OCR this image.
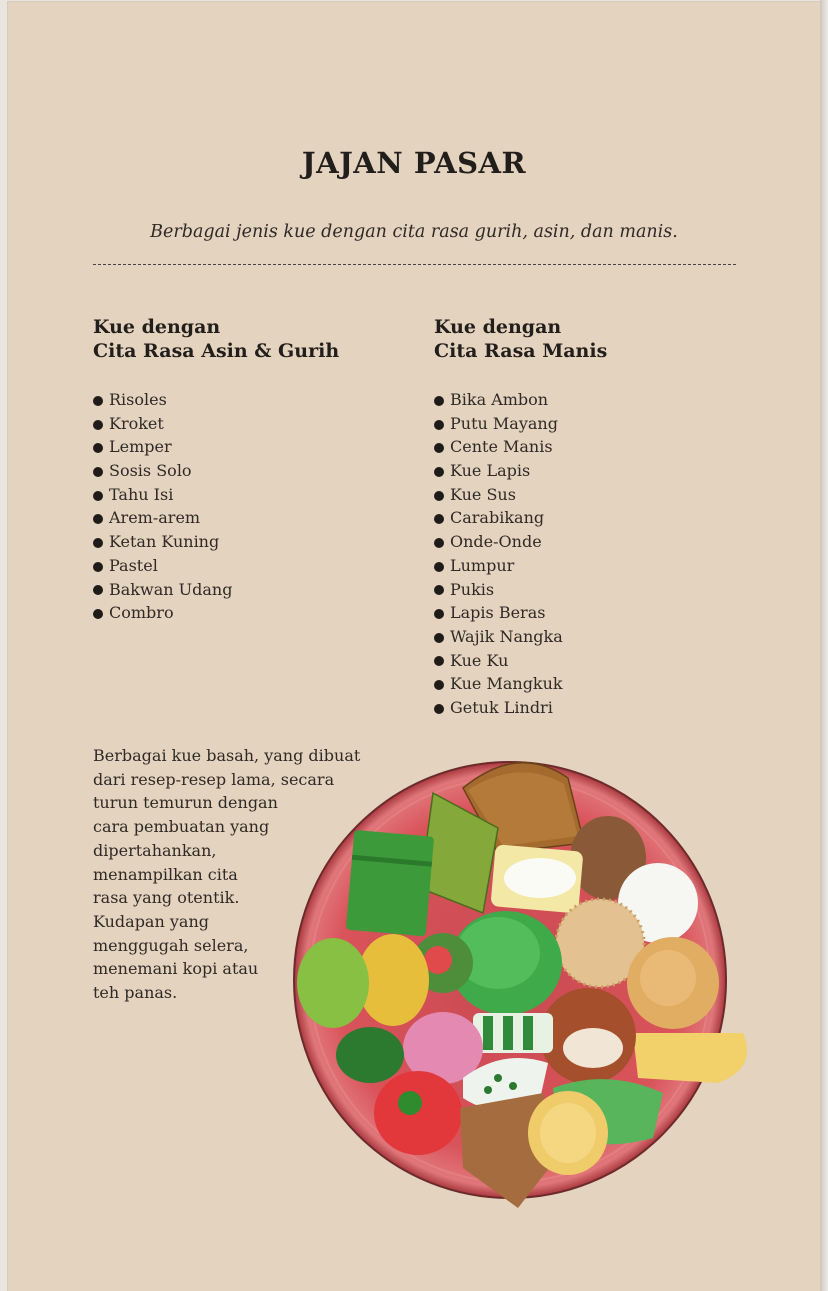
JAJAN PASAR

Berbagai jenis kue dengan cita rasa gurih, asin, dan manis.

Kue dengan
Cita Rasa Asin & Gurih
Risoles
Kroket
Lemper
Sosis Solo
Tahu Isi
Arem-arem
Ketan Kuning
Pastel
Bakwan Udang
Combro
Kue dengan
Cita Rasa Manis
Bika Ambon
Putu Mayang
Cente Manis
Kue Lapis
Kue Sus
Carabikang
Onde-Onde
Lumpur
Pukis
Lapis Beras
Wajik Nangka
Kue Ku
Kue Mangkuk
Getuk Lindri
Berbagai kue basah, yang dibuat
dari resep-resep lama, secara
turun temurun dengan
cara pembuatan yang
dipertahankan,
menampilkan cita
rasa yang otentik.
Kudapan yang
menggugah selera,
menemani kopi atau
teh panas.
